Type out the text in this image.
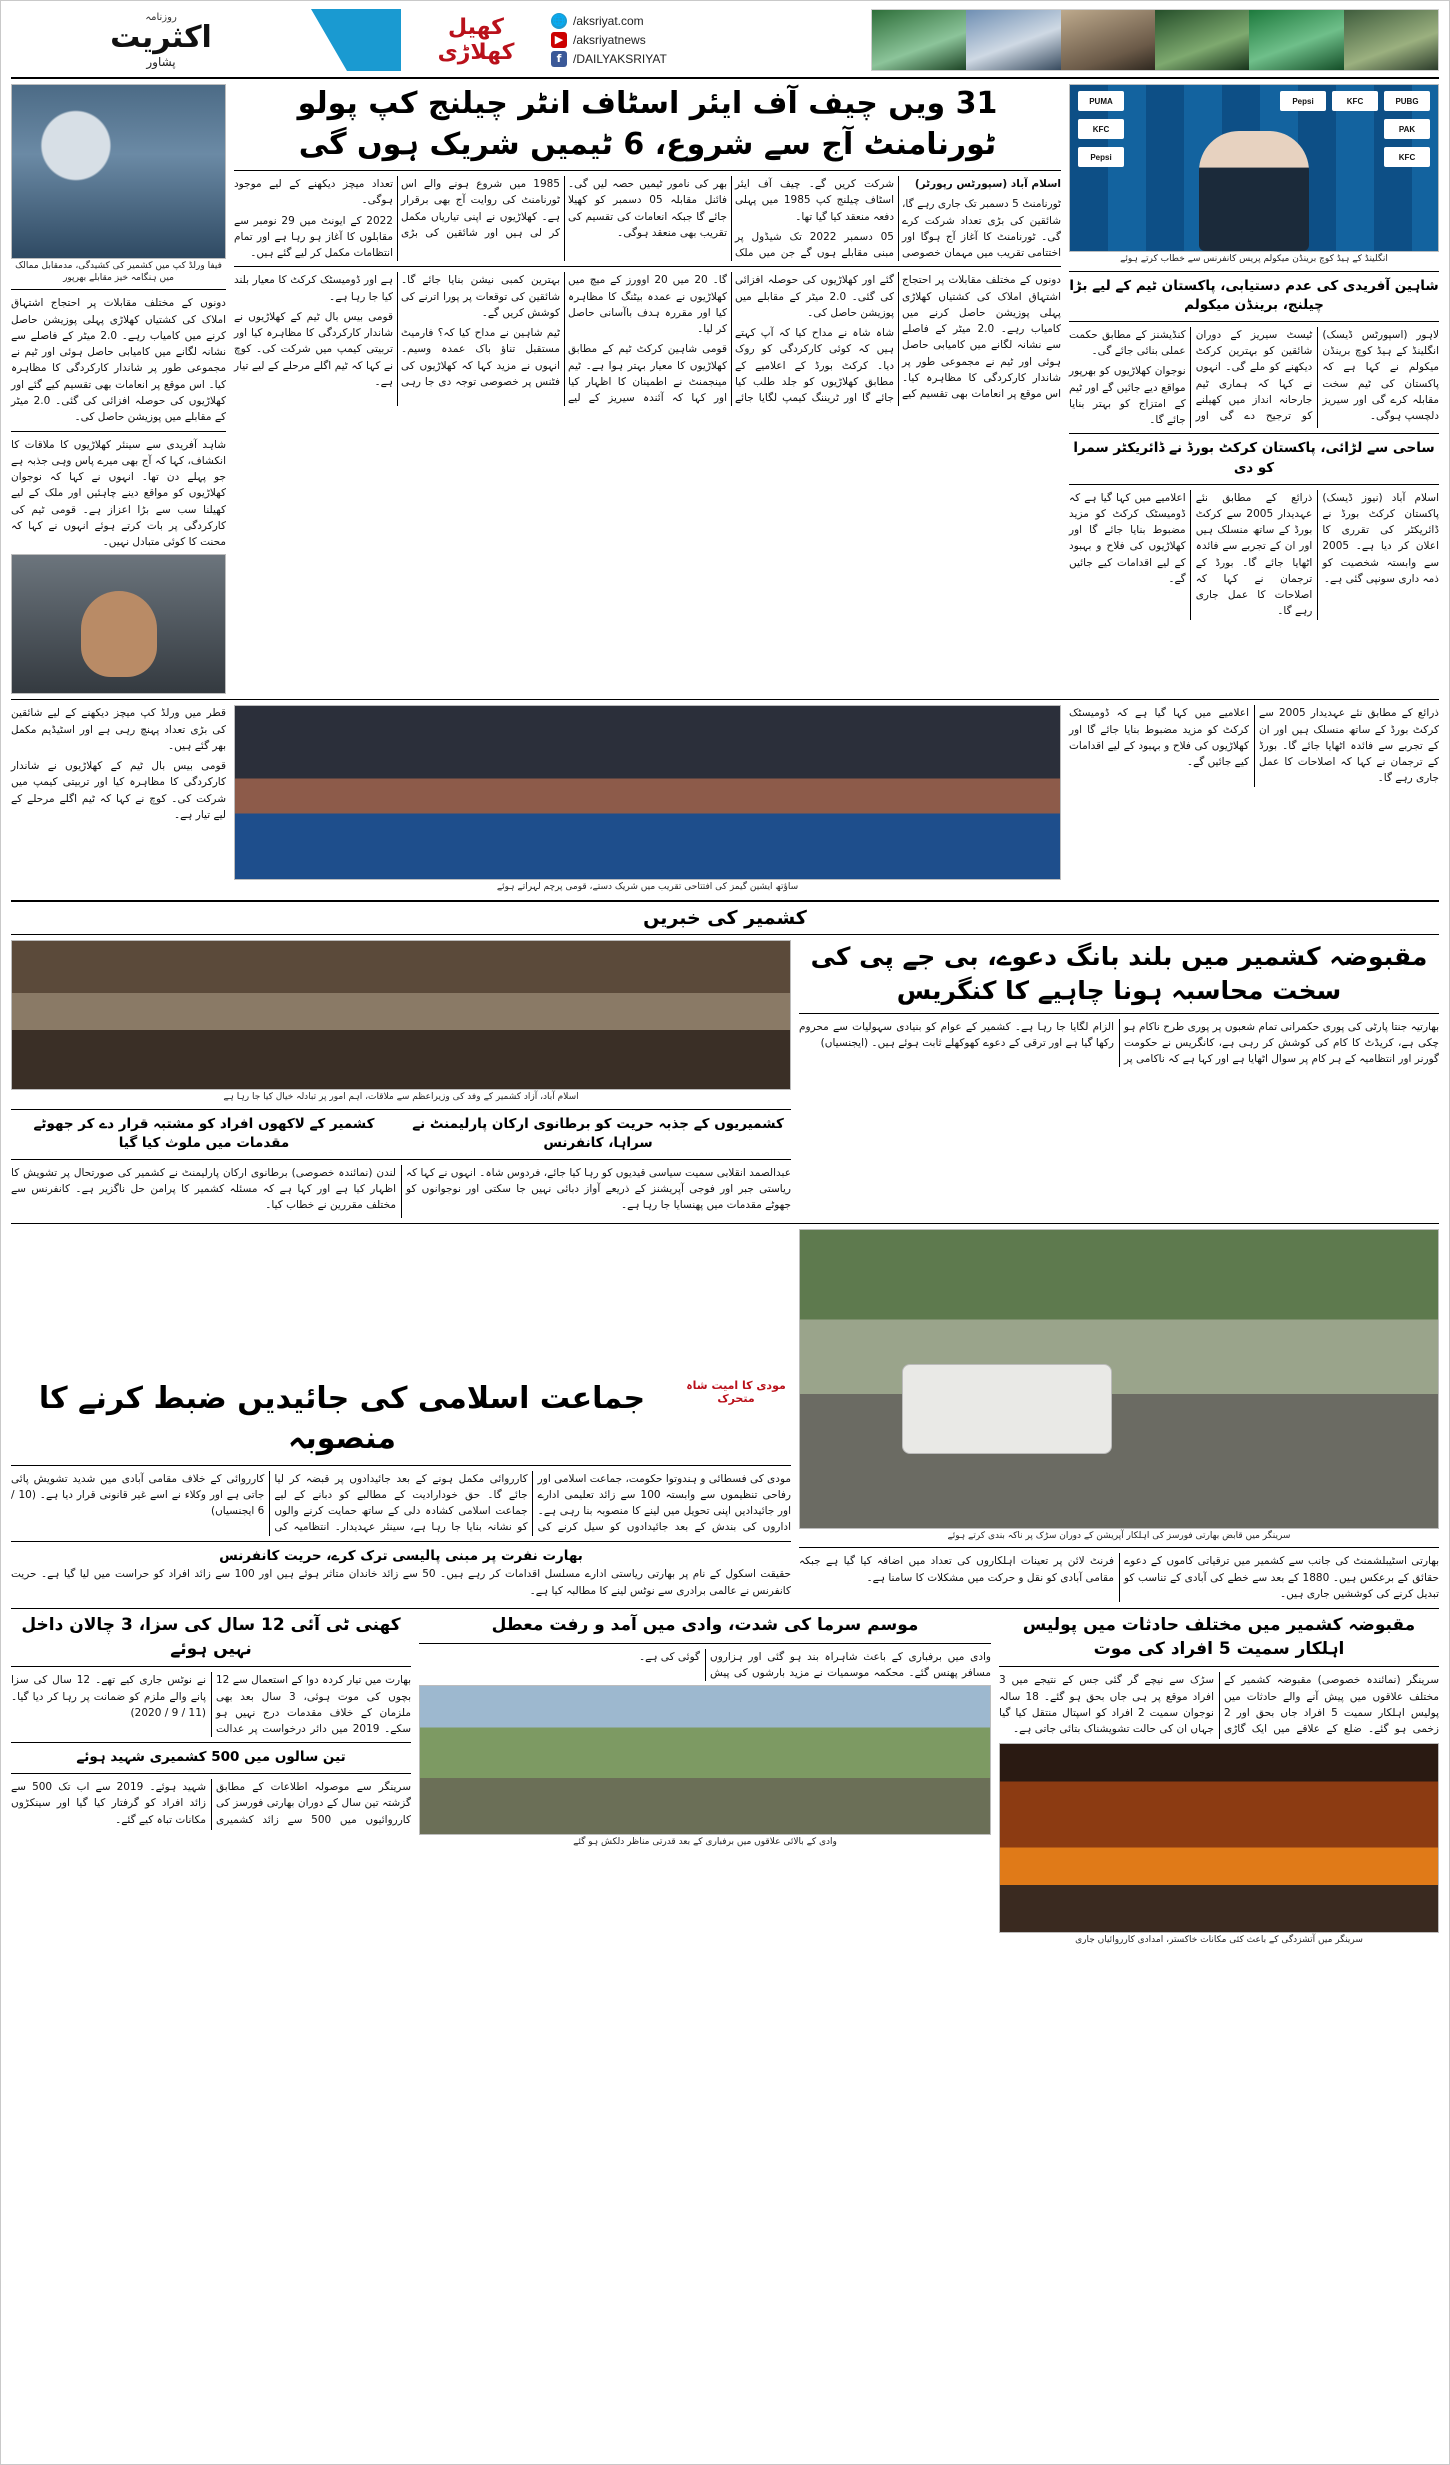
🌐 /aksriyat.com
▶ /aksriyatnews
f /DAILYAKSRIYAT
کھیل
کھلاڑی
روزنامہ
اکثریت
پشاور
PUBG
KFC
Pepsi
PUMA
PAK
KFC
KFC
Pepsi
انگلینڈ کے ہیڈ کوچ برینڈن میکولم پریس کانفرنس سے خطاب کرتے ہوئے
شاہین آفریدی کی عدم دستیابی، پاکستان ٹیم کے لیے بڑا چیلنج، برینڈن میکولم

لاہور (اسپورٹس ڈیسک) انگلینڈ کے ہیڈ کوچ برینڈن میکولم نے کہا ہے کہ پاکستان کی ٹیم سخت مقابلہ کرے گی اور سیریز دلچسپ ہوگی۔

ٹیسٹ سیریز کے دوران شائقین کو بہترین کرکٹ دیکھنے کو ملے گی۔ انہوں نے کہا کہ ہماری ٹیم جارحانہ انداز میں کھیلنے کو ترجیح دے گی اور کنڈیشنز کے مطابق حکمت عملی بنائی جائے گی۔

نوجوان کھلاڑیوں کو بھرپور مواقع دیے جائیں گے اور ٹیم کے امتزاج کو بہتر بنایا جائے گا۔

ساحی سے لڑائی، پاکستان کرکٹ بورڈ نے ڈائریکٹر سمرا کو دی

اسلام آباد (نیوز ڈیسک) پاکستان کرکٹ بورڈ نے ڈائریکٹر کی تقرری کا اعلان کر دیا ہے۔ 2005 سے وابستہ شخصیت کو ذمہ داری سونپی گئی ہے۔

ذرائع کے مطابق نئے عہدیدار 2005 سے کرکٹ بورڈ کے ساتھ منسلک ہیں اور ان کے تجربے سے فائدہ اٹھایا جائے گا۔ بورڈ کے ترجمان نے کہا کہ اصلاحات کا عمل جاری رہے گا۔

اعلامیے میں کہا گیا ہے کہ ڈومیسٹک کرکٹ کو مزید مضبوط بنایا جائے گا اور کھلاڑیوں کی فلاح و بہبود کے لیے اقدامات کیے جائیں گے۔

31 ویں چیف آف ایئر اسٹاف انٹر چیلنج کپ پولو ٹورنامنٹ آج سے شروع، 6 ٹیمیں شریک ہوں گی

اسلام آباد (سپورٹس رپورٹر)

ٹورنامنٹ 5 دسمبر تک جاری رہے گا، شائقین کی بڑی تعداد شرکت کرے گی۔ ٹورنامنٹ کا آغاز آج ہوگا اور اختتامی تقریب میں مہمان خصوصی شرکت کریں گے۔ چیف آف ایئر اسٹاف چیلنج کپ 1985 میں پہلی دفعہ منعقد کیا گیا تھا۔

05 دسمبر 2022 تک شیڈول پر مبنی مقابلے ہوں گے جن میں ملک بھر کی نامور ٹیمیں حصہ لیں گی۔ فائنل مقابلہ 05 دسمبر کو کھیلا جائے گا جبکہ انعامات کی تقسیم کی تقریب بھی منعقد ہوگی۔

1985 میں شروع ہونے والے اس ٹورنامنٹ کی روایت آج بھی برقرار ہے۔ کھلاڑیوں نے اپنی تیاریاں مکمل کر لی ہیں اور شائقین کی بڑی تعداد میچز دیکھنے کے لیے موجود ہوگی۔

2022 کے ایونٹ میں 29 نومبر سے مقابلوں کا آغاز ہو رہا ہے اور تمام انتظامات مکمل کر لیے گئے ہیں۔

دونوں کے مختلف مقابلات پر احتجاج اشتہاق املاک کی کشتیاں کھلاڑی پہلی پوزیشن حاصل کرنے میں کامیاب رہے۔ 2.0 میٹر کے فاصلے سے نشانہ لگانے میں کامیابی حاصل ہوئی اور ٹیم نے مجموعی طور پر شاندار کارکردگی کا مظاہرہ کیا۔ اس موقع پر انعامات بھی تقسیم کیے گئے اور کھلاڑیوں کی حوصلہ افزائی کی گئی۔ 2.0 میٹر کے مقابلے میں پوزیشن حاصل کی۔

شاہ شاہ نے مداح کیا کہ آپ کہتے ہیں کہ کوئی کارکردگی کو روک دیا۔ کرکٹ بورڈ کے اعلامیے کے مطابق کھلاڑیوں کو جلد طلب کیا جائے گا اور ٹریننگ کیمپ لگایا جائے گا۔ 20 میں 20 اوورز کے میچ میں کھلاڑیوں نے عمدہ بیٹنگ کا مظاہرہ کیا اور مقررہ ہدف باآسانی حاصل کر لیا۔

قومی شاہین کرکٹ ٹیم کے مطابق کھلاڑیوں کا معیار بہتر ہوا ہے۔ ٹیم مینجمنٹ نے اطمینان کا اظہار کیا اور کہا کہ آئندہ سیریز کے لیے بہترین کمبی نیشن بنایا جائے گا۔ شائقین کی توقعات پر پورا اترنے کی کوشش کریں گے۔

ٹیم شاہین نے مداح کیا کہ؟ فارمیٹ مستقبل تناؤ باک عمدہ وسیم۔ انہوں نے مزید کہا کہ کھلاڑیوں کی فٹنس پر خصوصی توجہ دی جا رہی ہے اور ڈومیسٹک کرکٹ کا معیار بلند کیا جا رہا ہے۔

قومی بیس بال ٹیم کے کھلاڑیوں نے شاندار کارکردگی کا مظاہرہ کیا اور تربیتی کیمپ میں شرکت کی۔ کوچ نے کہا کہ ٹیم اگلے مرحلے کے لیے تیار ہے۔

فیفا ورلڈ کپ میں کشمیر کی کشیدگی، مدمقابل ممالک میں ہنگامہ خیز مقابلے بھرپور

دونوں کے مختلف مقابلات پر احتجاج اشتہاق املاک کی کشتیاں کھلاڑی پہلی پوزیشن حاصل کرنے میں کامیاب رہے۔ 2.0 میٹر کے فاصلے سے نشانہ لگانے میں کامیابی حاصل ہوئی اور ٹیم نے مجموعی طور پر شاندار کارکردگی کا مظاہرہ کیا۔ اس موقع پر انعامات بھی تقسیم کیے گئے اور کھلاڑیوں کی حوصلہ افزائی کی گئی۔ 2.0 میٹر کے مقابلے میں پوزیشن حاصل کی۔

شاہد آفریدی سے سینئر کھلاڑیوں کا ملاقات کا انکشاف، کہا کہ آج بھی میرے پاس وہی جذبہ ہے جو پہلے دن تھا۔ انہوں نے کہا کہ نوجوان کھلاڑیوں کو مواقع دینے چاہئیں اور ملک کے لیے کھیلنا سب سے بڑا اعزاز ہے۔ قومی ٹیم کی کارکردگی پر بات کرتے ہوئے انہوں نے کہا کہ محنت کا کوئی متبادل نہیں۔

ذرائع کے مطابق نئے عہدیدار 2005 سے کرکٹ بورڈ کے ساتھ منسلک ہیں اور ان کے تجربے سے فائدہ اٹھایا جائے گا۔ بورڈ کے ترجمان نے کہا کہ اصلاحات کا عمل جاری رہے گا۔

اعلامیے میں کہا گیا ہے کہ ڈومیسٹک کرکٹ کو مزید مضبوط بنایا جائے گا اور کھلاڑیوں کی فلاح و بہبود کے لیے اقدامات کیے جائیں گے۔

ساؤتھ ایشین گیمز کی افتتاحی تقریب میں شریک دستے، قومی پرچم لہراتے ہوئے

قطر میں ورلڈ کپ میچز دیکھنے کے لیے شائقین کی بڑی تعداد پہنچ رہی ہے اور اسٹیڈیم مکمل بھر گئے ہیں۔

قومی بیس بال ٹیم کے کھلاڑیوں نے شاندار کارکردگی کا مظاہرہ کیا اور تربیتی کیمپ میں شرکت کی۔ کوچ نے کہا کہ ٹیم اگلے مرحلے کے لیے تیار ہے۔

کشمیر کی خبریں
مقبوضہ کشمیر میں بلند بانگ دعوے، بی جے پی کی سخت محاسبہ ہونا چاہیے کا کنگریس

بھارتیہ جنتا پارٹی کی پوری حکمرانی تمام شعبوں پر پوری طرح ناکام ہو چکی ہے، کریڈٹ کا کام کی کوشش کر رہی ہے، کانگریس نے حکومت گورنر اور انتظامیہ کے ہر کام پر سوال اٹھایا ہے اور کہا ہے کہ ناکامی پر الزام لگایا جا رہا ہے۔ کشمیر کے عوام کو بنیادی سہولیات سے محروم رکھا گیا ہے اور ترقی کے دعوے کھوکھلے ثابت ہوئے ہیں۔ (ایجنسیاں)

اسلام آباد، آزاد کشمیر کے وفد کی وزیراعظم سے ملاقات، اہم امور پر تبادلہ خیال کیا جا رہا ہے
کشمیریوں کے جذبہ حریت کو برطانوی ارکان پارلیمنٹ نے سراہا، کانفرنس
کشمیر کے لاکھوں افراد کو مشتبہ قرار دے کر جھوٹے مقدمات میں ملوث کیا گیا

عبدالصمد انقلابی سمیت سیاسی قیدیوں کو رہا کیا جائے، فردوس شاہ۔ انہوں نے کہا کہ ریاستی جبر اور فوجی آپریشنز کے ذریعے آواز دبائی نہیں جا سکتی اور نوجوانوں کو جھوٹے مقدمات میں پھنسایا جا رہا ہے۔

لندن (نمائندہ خصوصی) برطانوی ارکان پارلیمنٹ نے کشمیر کی صورتحال پر تشویش کا اظہار کیا ہے اور کہا ہے کہ مسئلہ کشمیر کا پرامن حل ناگزیر ہے۔ کانفرنس سے مختلف مقررین نے خطاب کیا۔

سرینگر میں قابض بھارتی فورسز کی اہلکار آپریشن کے دوران سڑک پر ناکہ بندی کرتے ہوئے

بھارتی اسٹیبلشمنٹ کی جانب سے کشمیر میں ترقیاتی کاموں کے دعوے حقائق کے برعکس ہیں۔ 1880 کے بعد سے خطے کی آبادی کے تناسب کو تبدیل کرنے کی کوششیں جاری ہیں۔

فرنٹ لائن پر تعینات اہلکاروں کی تعداد میں اضافہ کیا گیا ہے جبکہ مقامی آبادی کو نقل و حرکت میں مشکلات کا سامنا ہے۔

مودی کا امیت شاہ متحرک
جماعت اسلامی کی جائیدیں ضبط کرنے کا منصوبہ

مودی کی فسطائی و ہندوتوا حکومت، جماعت اسلامی اور رفاحی تنظیموں سے وابستہ 100 سے زائد تعلیمی ادارے اور جائیدادیں اپنی تحویل میں لینے کا منصوبہ بنا رہی ہے۔ اداروں کی بندش کے بعد جائیدادوں کو سیل کرنے کی کارروائی مکمل ہونے کے بعد جائیدادوں پر قبضہ کر لیا جائے گا۔ حق خودارادیت کے مطالبے کو دبانے کے لیے جماعت اسلامی کشادہ دلی کے ساتھ حمایت کرنے والوں کو نشانہ بنایا جا رہا ہے، سینئر عہدیدار۔ انتظامیہ کی کارروائی کے خلاف مقامی آبادی میں شدید تشویش پائی جاتی ہے اور وکلاء نے اسے غیر قانونی قرار دیا ہے۔ (10 / 6 ایجنسیاں)

بھارت نفرت پر مبنی پالیسی ترک کرے، حریت کانفرنس

حقیقت اسکول کے نام پر بھارتی ریاستی ادارے مسلسل اقدامات کر رہے ہیں۔ 50 سے زائد خاندان متاثر ہوئے ہیں اور 100 سے زائد افراد کو حراست میں لیا گیا ہے۔ حریت کانفرنس نے عالمی برادری سے نوٹس لینے کا مطالبہ کیا ہے۔

مقبوضہ کشمیر میں مختلف حادثات میں پولیس اہلکار سمیت 5 افراد کی موت

سرینگر (نمائندہ خصوصی) مقبوضہ کشمیر کے مختلف علاقوں میں پیش آنے والے حادثات میں پولیس اہلکار سمیت 5 افراد جاں بحق اور 2 زخمی ہو گئے۔ ضلع کے علاقے میں ایک گاڑی سڑک سے نیچے گر گئی جس کے نتیجے میں 3 افراد موقع پر ہی جاں بحق ہو گئے۔ 18 سالہ نوجوان سمیت 2 افراد کو اسپتال منتقل کیا گیا جہاں ان کی حالت تشویشناک بتائی جاتی ہے۔

سرینگر میں آتشزدگی کے باعث کئی مکانات خاکستر، امدادی کارروائیاں جاری
موسم سرما کی شدت، وادی میں آمد و رفت معطل

وادی میں برفباری کے باعث شاہراہ بند ہو گئی اور ہزاروں مسافر پھنس گئے۔ محکمہ موسمیات نے مزید بارشوں کی پیش گوئی کی ہے۔

وادی کے بالائی علاقوں میں برفباری کے بعد قدرتی مناظر دلکش ہو گئے
کھنی ٹی آئی 12 سال کی سزا، 3 چالان داخل نہیں ہوئے

بھارت میں تیار کردہ دوا کے استعمال سے 12 بچوں کی موت ہوئی، 3 سال بعد بھی ملزمان کے خلاف مقدمات درج نہیں ہو سکے۔ 2019 میں دائر درخواست پر عدالت نے نوٹس جاری کیے تھے۔ 12 سال کی سزا پانے والے ملزم کو ضمانت پر رہا کر دیا گیا۔ (11 / 9 / 2020)

تین سالوں میں 500 کشمیری شہید ہوئے

سرینگر سے موصولہ اطلاعات کے مطابق گزشتہ تین سال کے دوران بھارتی فورسز کی کارروائیوں میں 500 سے زائد کشمیری شہید ہوئے۔ 2019 سے اب تک 500 سے زائد افراد کو گرفتار کیا گیا اور سینکڑوں مکانات تباہ کیے گئے۔
